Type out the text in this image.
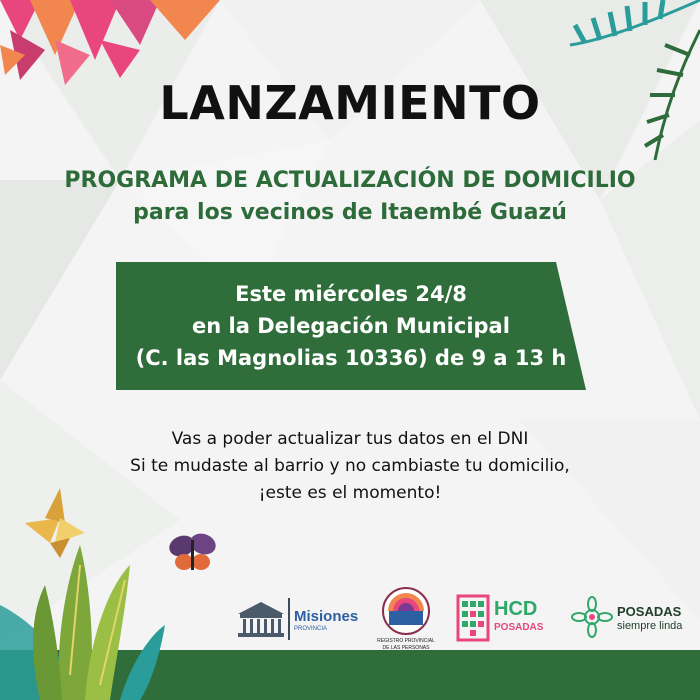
LANZAMIENTO
PROGRAMA DE ACTUALIZACIÓN DE DOMICILIO
para los vecinos de Itaembé Guazú
Este miércoles 24/8
en la Delegación Municipal
(C. las Magnolias 10336) de 9 a 13 h
Vas a poder actualizar tus datos en el DNI
Si te mudaste al barrio y no cambiaste tu domicilio,
¡este es el momento!
Misiones
PROVINCIA
REGISTRO PROVINCIAL
DE LAS PERSONAS
HCD
POSADAS
POSADAS
siempre linda
